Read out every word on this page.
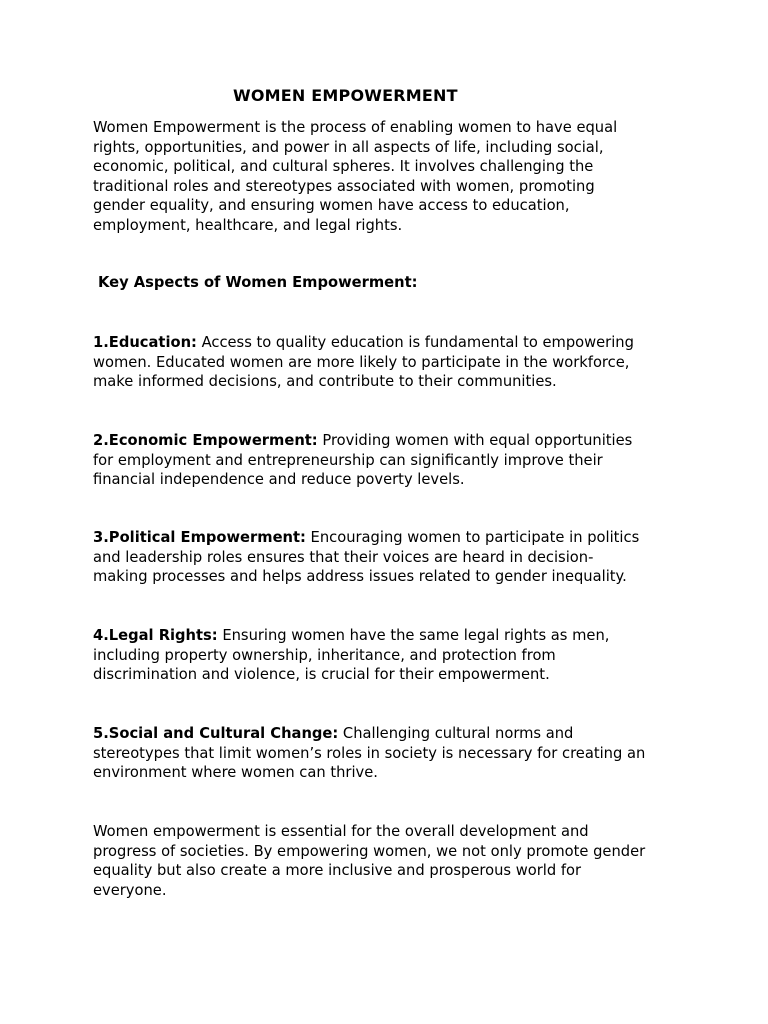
WOMEN EMPOWERMENT

Women Empowerment is the process of enabling women to have equal
rights, opportunities, and power in all aspects of life, including social,
economic, political, and cultural spheres. It involves challenging the
traditional roles and stereotypes associated with women, promoting
gender equality, and ensuring women have access to education,
employment, healthcare, and legal rights.

Key Aspects of Women Empowerment:

1.Education: Access to quality education is fundamental to empowering
women. Educated women are more likely to participate in the workforce,
make informed decisions, and contribute to their communities.

2.Economic Empowerment: Providing women with equal opportunities
for employment and entrepreneurship can significantly improve their
financial independence and reduce poverty levels.

3.Political Empowerment: Encouraging women to participate in politics
and leadership roles ensures that their voices are heard in decision-
making processes and helps address issues related to gender inequality.

4.Legal Rights: Ensuring women have the same legal rights as men,
including property ownership, inheritance, and protection from
discrimination and violence, is crucial for their empowerment.

5.Social and Cultural Change: Challenging cultural norms and
stereotypes that limit women’s roles in society is necessary for creating an
environment where women can thrive.

Women empowerment is essential for the overall development and
progress of societies. By empowering women, we not only promote gender
equality but also create a more inclusive and prosperous world for
everyone.
